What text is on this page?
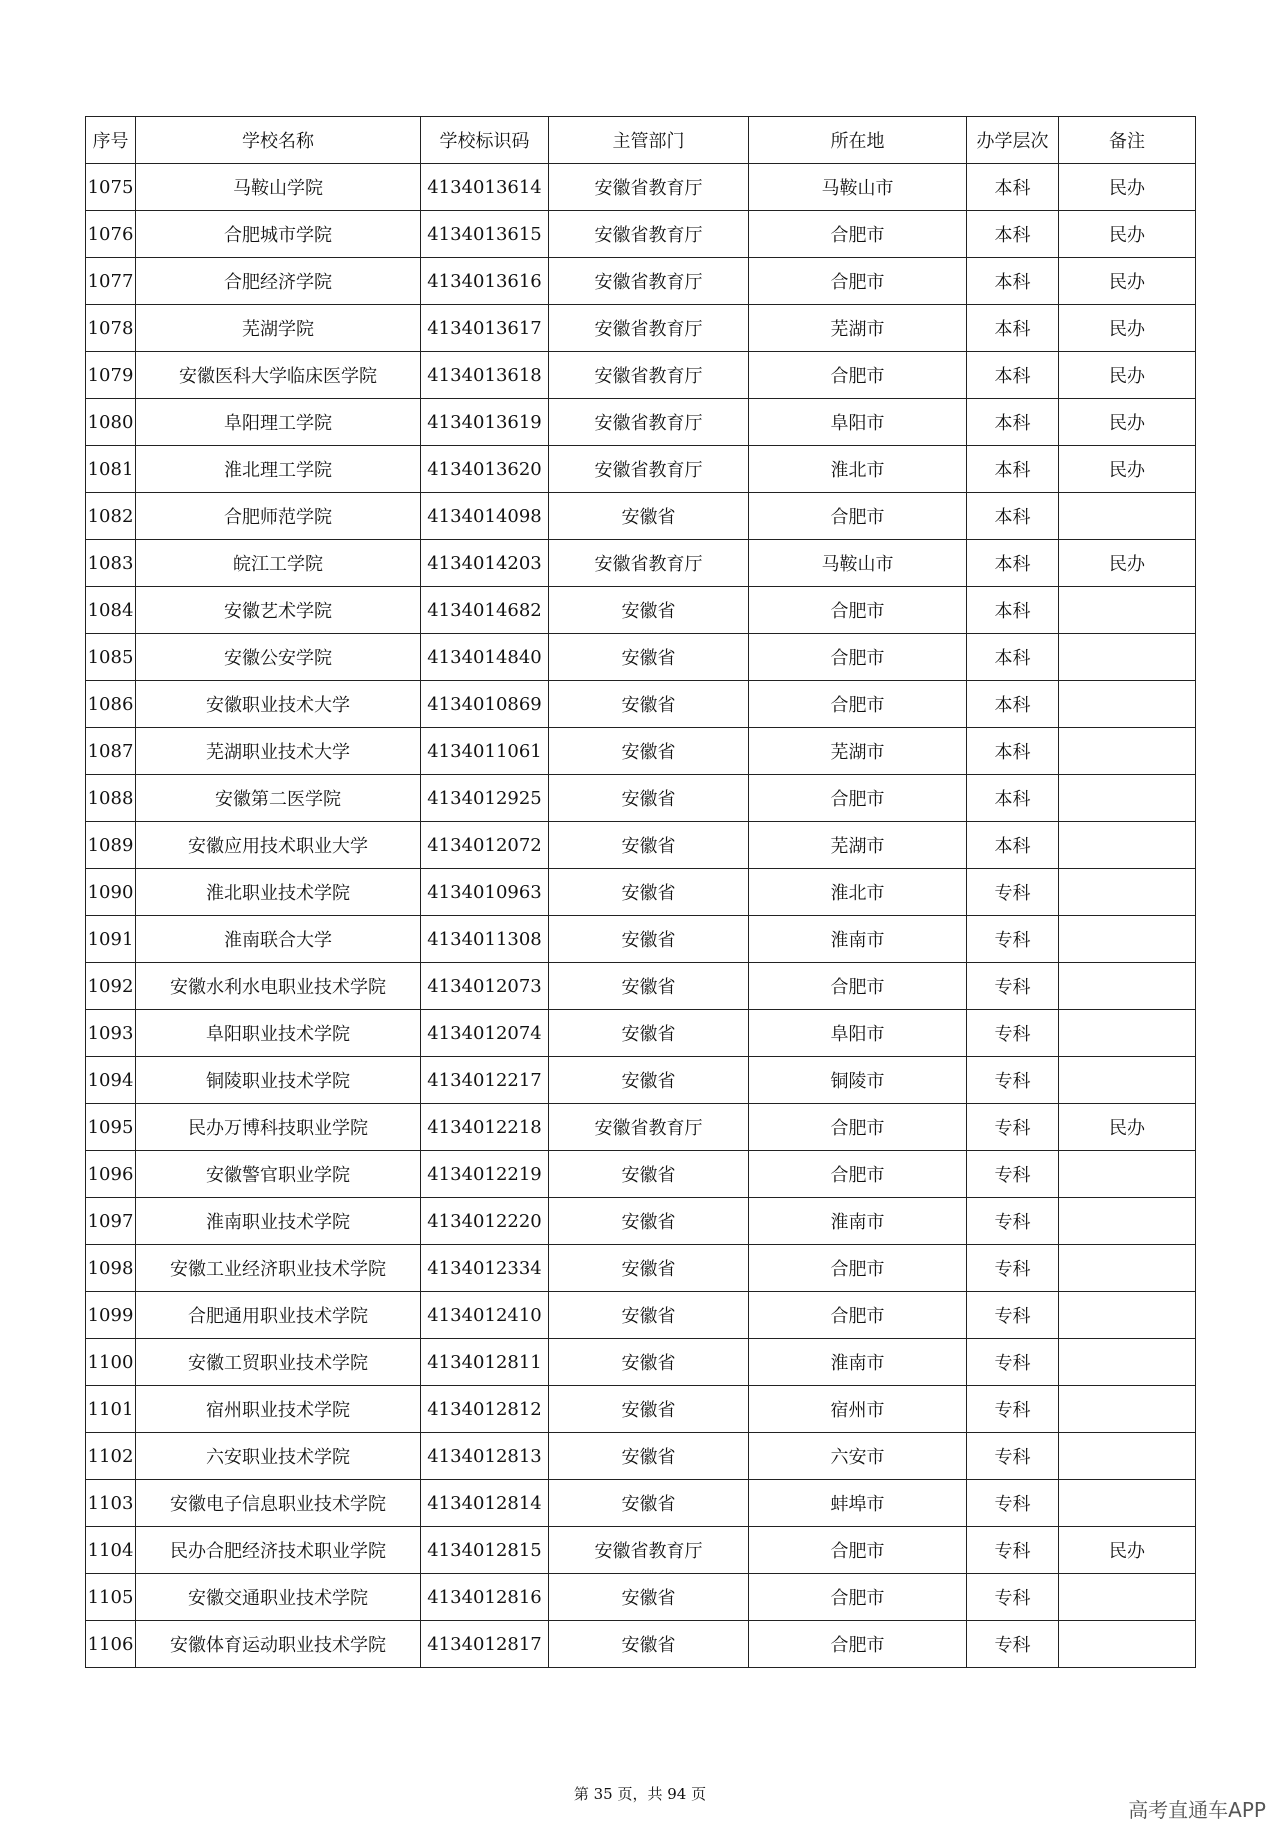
序号	学校名称	学校标识码	主管部门	所在地	办学层次	备注
1075	马鞍山学院	4134013614	安徽省教育厅	马鞍山市	本科	民办
1076	合肥城市学院	4134013615	安徽省教育厅	合肥市	本科	民办
1077	合肥经济学院	4134013616	安徽省教育厅	合肥市	本科	民办
1078	芜湖学院	4134013617	安徽省教育厅	芜湖市	本科	民办
1079	安徽医科大学临床医学院	4134013618	安徽省教育厅	合肥市	本科	民办
1080	阜阳理工学院	4134013619	安徽省教育厅	阜阳市	本科	民办
1081	淮北理工学院	4134013620	安徽省教育厅	淮北市	本科	民办
1082	合肥师范学院	4134014098	安徽省	合肥市	本科	
1083	皖江工学院	4134014203	安徽省教育厅	马鞍山市	本科	民办
1084	安徽艺术学院	4134014682	安徽省	合肥市	本科	
1085	安徽公安学院	4134014840	安徽省	合肥市	本科	
1086	安徽职业技术大学	4134010869	安徽省	合肥市	本科	
1087	芜湖职业技术大学	4134011061	安徽省	芜湖市	本科	
1088	安徽第二医学院	4134012925	安徽省	合肥市	本科	
1089	安徽应用技术职业大学	4134012072	安徽省	芜湖市	本科	
1090	淮北职业技术学院	4134010963	安徽省	淮北市	专科	
1091	淮南联合大学	4134011308	安徽省	淮南市	专科	
1092	安徽水利水电职业技术学院	4134012073	安徽省	合肥市	专科	
1093	阜阳职业技术学院	4134012074	安徽省	阜阳市	专科	
1094	铜陵职业技术学院	4134012217	安徽省	铜陵市	专科	
1095	民办万博科技职业学院	4134012218	安徽省教育厅	合肥市	专科	民办
1096	安徽警官职业学院	4134012219	安徽省	合肥市	专科	
1097	淮南职业技术学院	4134012220	安徽省	淮南市	专科	
1098	安徽工业经济职业技术学院	4134012334	安徽省	合肥市	专科	
1099	合肥通用职业技术学院	4134012410	安徽省	合肥市	专科	
1100	安徽工贸职业技术学院	4134012811	安徽省	淮南市	专科	
1101	宿州职业技术学院	4134012812	安徽省	宿州市	专科	
1102	六安职业技术学院	4134012813	安徽省	六安市	专科	
1103	安徽电子信息职业技术学院	4134012814	安徽省	蚌埠市	专科	
1104	民办合肥经济技术职业学院	4134012815	安徽省教育厅	合肥市	专科	民办
1105	安徽交通职业技术学院	4134012816	安徽省	合肥市	专科	
1106	安徽体育运动职业技术学院	4134012817	安徽省	合肥市	专科	
第 35 页，共 94 页
高考直通车APP
